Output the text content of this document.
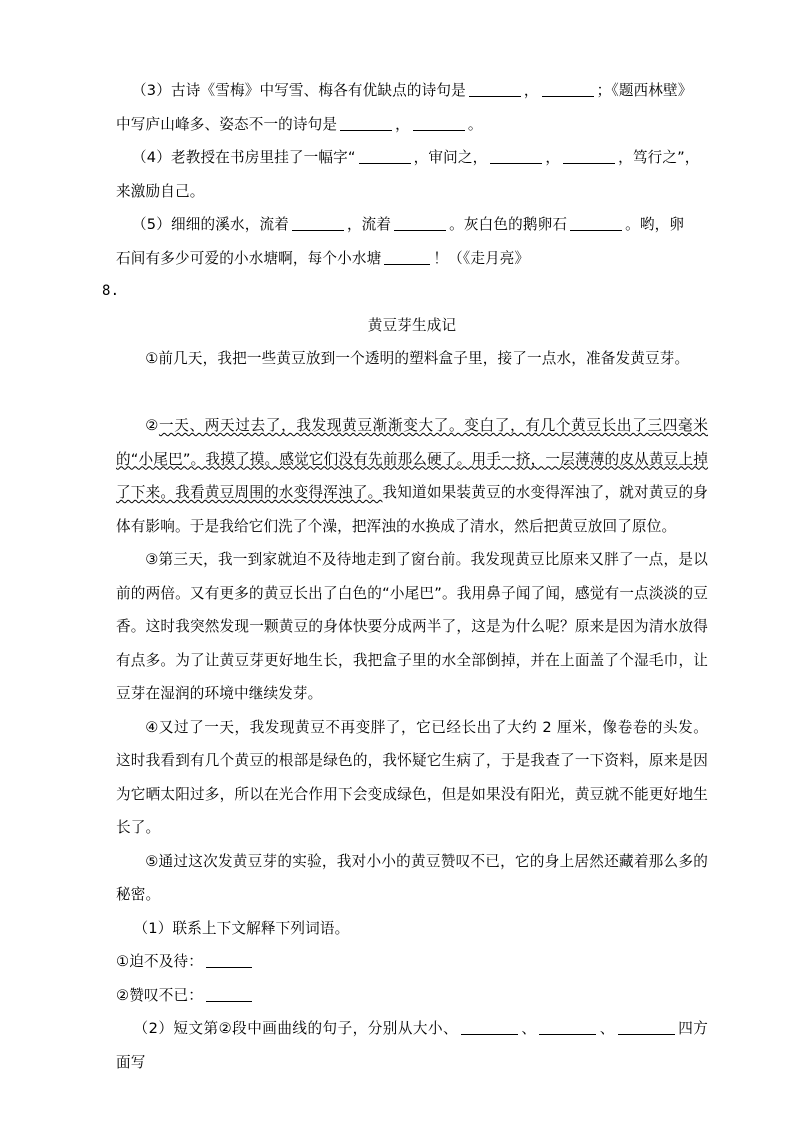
（3）古诗《雪梅》中写雪、梅各有优缺点的诗句是	，	；《题西林壁》

中写庐山峰多、姿态不一的诗句是	，	。

（4）老教授在书房里挂了一幅字“	，审问之，	，	，笃行之”，

来激励自己。

（5）细细的溪水，流着	，流着	。灰白色的鹅卵石	。哟，卵

石间有多少可爱的小水塘啊，每个小水塘	！（《走月亮》

8.

黄豆芽生成记

①前几天，我把一些黄豆放到一个透明的塑料盒子里，接了一点水，准备发黄豆芽。

②一天、两天过去了，我发现黄豆渐渐变大了。变白了，有几个黄豆长出了三四毫米的“小尾巴”。我摸了摸。感觉它们没有先前那么硬了。用手一挤，一层薄薄的皮从黄豆上掉了下来。我看黄豆周围的水变得浑浊了。我知道如果装黄豆的水变得浑浊了，就对黄豆的身体有影响。于是我给它们洗了个澡，把浑浊的水换成了清水，然后把黄豆放回了原位。

③第三天，我一到家就迫不及待地走到了窗台前。我发现黄豆比原来又胖了一点，是以前的两倍。又有更多的黄豆长出了白色的“小尾巴”。我用鼻子闻了闻，感觉有一点淡淡的豆香。这时我突然发现一颗黄豆的身体快要分成两半了，这是为什么呢？原来是因为清水放得有点多。为了让黄豆芽更好地生长，我把盒子里的水全部倒掉，并在上面盖了个湿毛巾，让豆芽在湿润的环境中继续发芽。

④又过了一天，我发现黄豆不再变胖了，它已经长出了大约 2 厘米，像卷卷的头发。这时我看到有几个黄豆的根部是绿色的，我怀疑它生病了，于是我查了一下资料，原来是因为它晒太阳过多，所以在光合作用下会变成绿色，但是如果没有阳光，黄豆就不能更好地生长了。

⑤通过这次发黄豆芽的实验，我对小小的黄豆赞叹不已，它的身上居然还藏着那么多的秘密。

（1）联系上下文解释下列词语。

①迫不及待：

②赞叹不已：

（2）短文第②段中画曲线的句子，分别从大小、	、	、	四方面写
